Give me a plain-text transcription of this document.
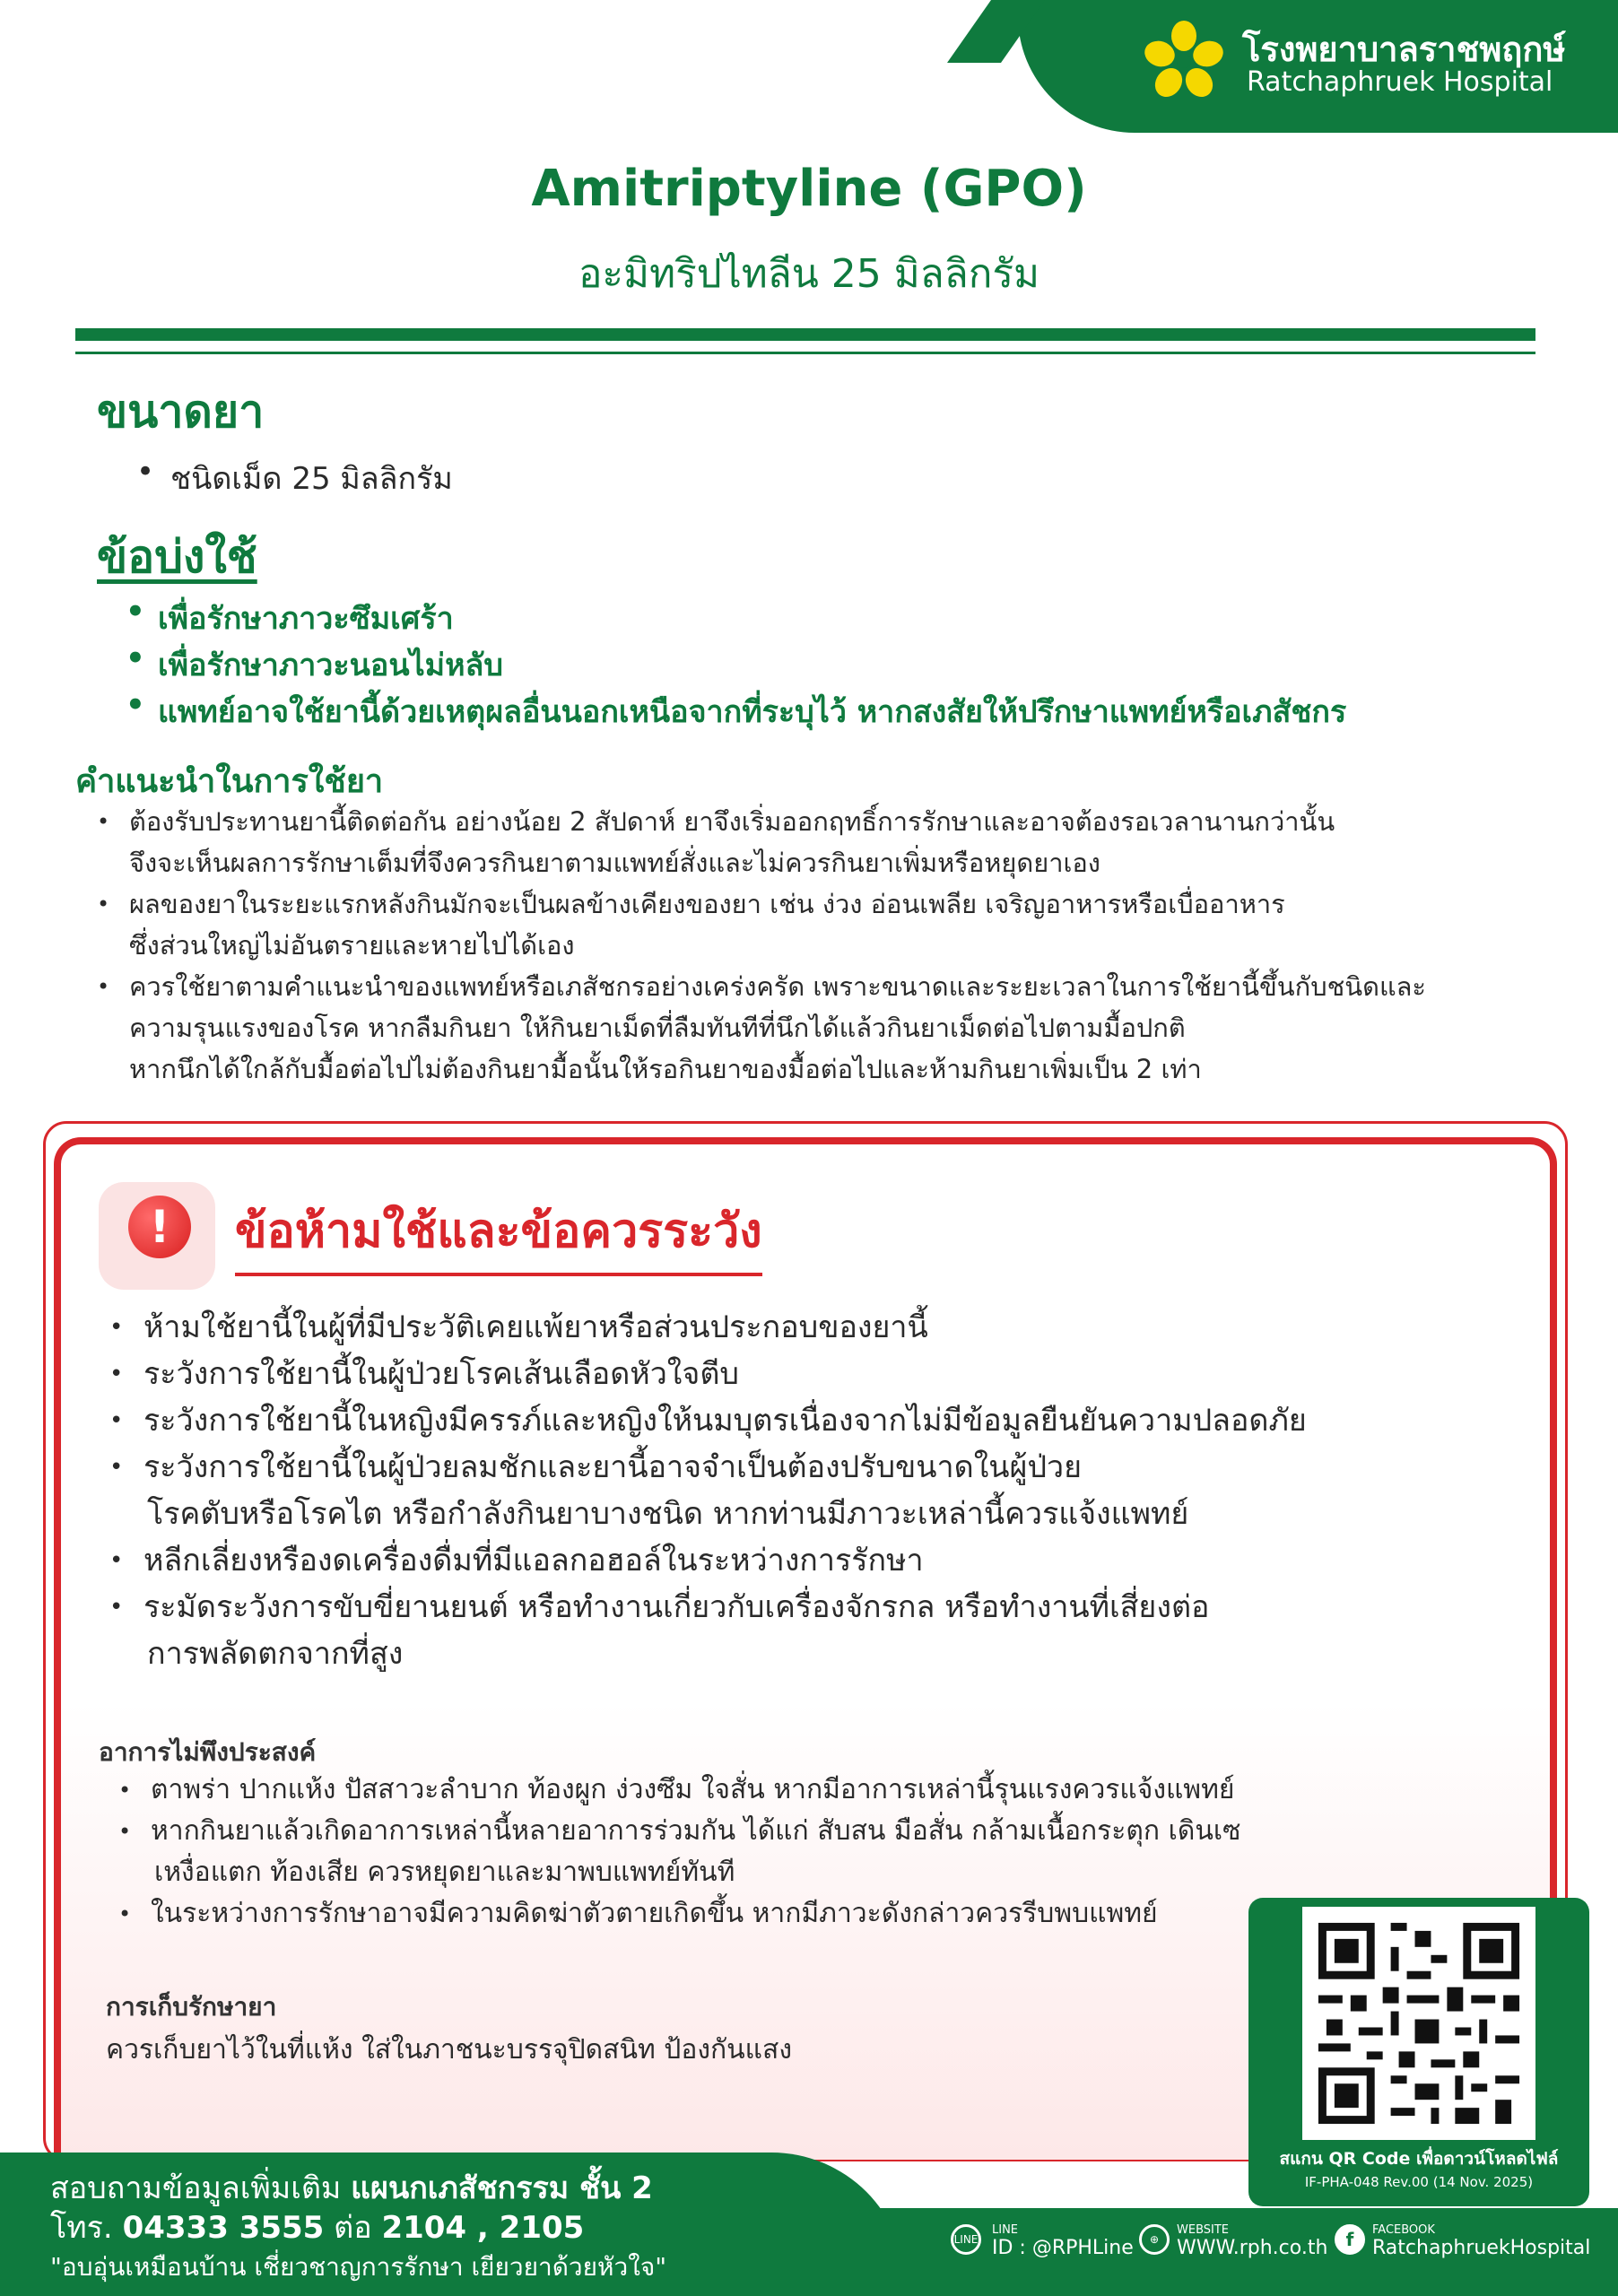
โรงพยาบาลราชพฤกษ์
Ratchaphruek Hospital
Amitriptyline (GPO)
อะมิทริปไทลีน 25 มิลลิกรัม
ขนาดยา
• ชนิดเม็ด 25 มิลลิกรัม
ข้อบ่งใช้
• เพื่อรักษาภาวะซึมเศร้า
• เพื่อรักษาภาวะนอนไม่หลับ
• แพทย์อาจใช้ยานี้ด้วยเหตุผลอื่นนอกเหนือจากที่ระบุไว้ หากสงสัยให้ปรึกษาแพทย์หรือเภสัชกร
คำแนะนำในการใช้ยา
• ต้องรับประทานยานี้ติดต่อกัน อย่างน้อย 2 สัปดาห์ ยาจึงเริ่มออกฤทธิ์การรักษาและอาจต้องรอเวลานานกว่านั้น
จึงจะเห็นผลการรักษาเต็มที่จึงควรกินยาตามแพทย์สั่งและไม่ควรกินยาเพิ่มหรือหยุดยาเอง
• ผลของยาในระยะแรกหลังกินมักจะเป็นผลข้างเคียงของยา เช่น ง่วง อ่อนเพลีย เจริญอาหารหรือเบื่ออาหาร
ซึ่งส่วนใหญ่ไม่อันตรายและหายไปได้เอง
• ควรใช้ยาตามคำแนะนำของแพทย์หรือเภสัชกรอย่างเคร่งครัด เพราะขนาดและระยะเวลาในการใช้ยานี้ขึ้นกับชนิดและ
ความรุนแรงของโรค หากลืมกินยา ให้กินยาเม็ดที่ลืมทันทีที่นึกได้แล้วกินยาเม็ดต่อไปตามมื้อปกติ
หากนึกได้ใกล้กับมื้อต่อไปไม่ต้องกินยามื้อนั้นให้รอกินยาของมื้อต่อไปและห้ามกินยาเพิ่มเป็น 2 เท่า
!	ข้อห้ามใช้และข้อควรระวัง
• ห้ามใช้ยานี้ในผู้ที่มีประวัติเคยแพ้ยาหรือส่วนประกอบของยานี้
• ระวังการใช้ยานี้ในผู้ป่วยโรคเส้นเลือดหัวใจตีบ
• ระวังการใช้ยานี้ในหญิงมีครรภ์และหญิงให้นมบุตรเนื่องจากไม่มีข้อมูลยืนยันความปลอดภัย
• ระวังการใช้ยานี้ในผู้ป่วยลมชักและยานี้อาจจำเป็นต้องปรับขนาดในผู้ป่วย
โรคตับหรือโรคไต หรือกำลังกินยาบางชนิด หากท่านมีภาวะเหล่านี้ควรแจ้งแพทย์
• หลีกเลี่ยงหรืองดเครื่องดื่มที่มีแอลกอฮอล์ในระหว่างการรักษา
• ระมัดระวังการขับขี่ยานยนต์ หรือทำงานเกี่ยวกับเครื่องจักรกล หรือทำงานที่เสี่ยงต่อ
การพลัดตกจากที่สูง
อาการไม่พึงประสงค์
• ตาพร่า ปากแห้ง ปัสสาวะลำบาก ท้องผูก ง่วงซึม ใจสั่น หากมีอาการเหล่านี้รุนแรงควรแจ้งแพทย์
• หากกินยาแล้วเกิดอาการเหล่านี้หลายอาการร่วมกัน ได้แก่ สับสน มือสั่น กล้ามเนื้อกระตุก เดินเซ
เหงื่อแตก ท้องเสีย ควรหยุดยาและมาพบแพทย์ทันที
• ในระหว่างการรักษาอาจมีความคิดฆ่าตัวตายเกิดขึ้น หากมีภาวะดังกล่าวควรรีบพบแพทย์
การเก็บรักษายา
ควรเก็บยาไว้ในที่แห้ง ใส่ในภาชนะบรรจุปิดสนิท ป้องกันแสง
สอบถามข้อมูลเพิ่มเติม แผนกเภสัชกรรม ชั้น 2
โทร. 04333 3555 ต่อ 2104 , 2105
"อบอุ่นเหมือนบ้าน เชี่ยวชาญการรักษา เยียวยาด้วยหัวใจ"
สแกน QR Code เพื่อดาวน์โหลดไฟล์
IF-PHA-048 Rev.00 (14 Nov. 2025)
LINE
LINE
ID : @RPHLine	⊕
WEBSITE
WWW.rph.co.th	f	FACEBOOK
RatchaphruekHospital
